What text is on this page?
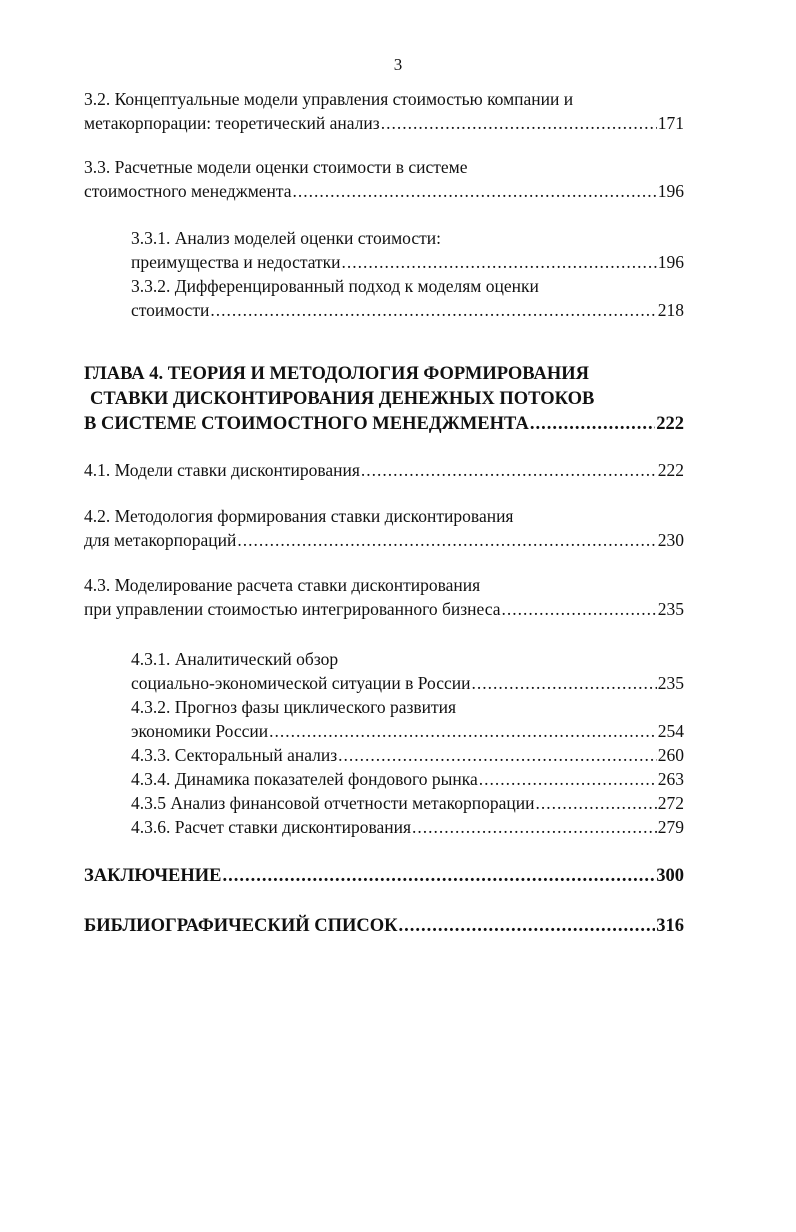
3
3.2. Концептуальные модели управления стоимостью компании и
метакорпорации: теоретический анализ .....	171
3.3. Расчетные модели оценки стоимости в системе
стоимостного менеджмента .....	196
3.3.1. Анализ моделей оценки стоимости:
преимущества и недостатки .....	196
3.3.2. Дифференцированный подход к моделям оценки
стоимости .....	218
ГЛАВА 4. ТЕОРИЯ И МЕТОДОЛОГИЯ ФОРМИРОВАНИЯ
СТАВКИ ДИСКОНТИРОВАНИЯ ДЕНЕЖНЫХ ПОТОКОВ
В СИСТЕМЕ СТОИМОСТНОГО МЕНЕДЖМЕНТА .....	222
4.1. Модели ставки дисконтирования .....	222
4.2. Методология формирования ставки дисконтирования
для метакорпораций .....	230
4.3. Моделирование расчета ставки дисконтирования
при управлении стоимостью интегрированного бизнеса .....	235
4.3.1. Аналитический обзор
социально-экономической ситуации в России .....	235
4.3.2. Прогноз фазы циклического развития
экономики России .....	254
4.3.3. Секторальный анализ .....	260
4.3.4. Динамика показателей фондового рынка .....	263
4.3.5 Анализ финансовой отчетности метакорпорации .....	272
4.3.6. Расчет ставки дисконтирования .....	279
ЗАКЛЮЧЕНИЕ .....	300
БИБЛИОГРАФИЧЕСКИЙ СПИСОК .....	316
